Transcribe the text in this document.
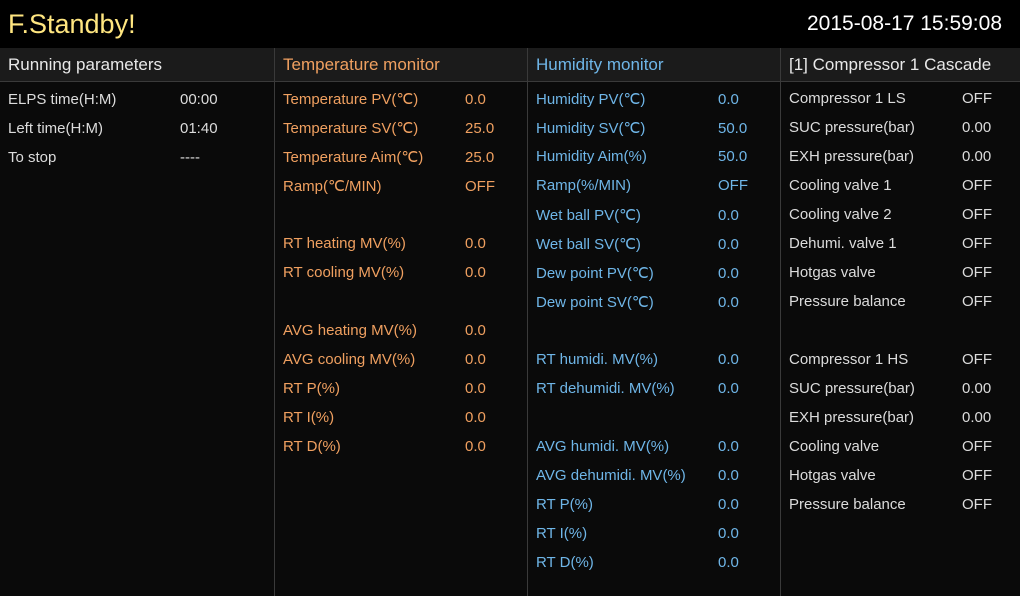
F.Standby!	2015-08-17 15:59:08
Running parameters
ELPS time(H:M)	00:00
Left time(H:M)	01:40
To stop	----
Temperature monitor
Temperature PV(℃)	0.0
Temperature SV(℃)	25.0
Temperature Aim(℃)	25.0
Ramp(℃/MIN)	OFF
RT heating MV(%)	0.0
RT cooling MV(%)	0.0
AVG heating MV(%)	0.0
AVG cooling MV(%)	0.0
RT P(%)	0.0
RT I(%)	0.0
RT D(%)	0.0
Humidity monitor
Humidity PV(℃)	0.0
Humidity SV(℃)	50.0
Humidity Aim(%)	50.0
Ramp(%/MIN)	OFF
Wet ball PV(℃)	0.0
Wet ball SV(℃)	0.0
Dew point PV(℃)	0.0
Dew point SV(℃)	0.0
RT humidi. MV(%)	0.0
RT dehumidi. MV(%)	0.0
AVG humidi. MV(%)	0.0
AVG dehumidi. MV(%)	0.0
RT P(%)	0.0
RT I(%)	0.0
RT D(%)	0.0
[1] Compressor 1 Cascade
Compressor 1 LS	OFF
SUC pressure(bar)	0.00
EXH pressure(bar)	0.00
Cooling valve 1	OFF
Cooling valve 2	OFF
Dehumi. valve 1	OFF
Hotgas valve	OFF
Pressure balance	OFF
Compressor 1 HS	OFF
SUC pressure(bar)	0.00
EXH pressure(bar)	0.00
Cooling valve	OFF
Hotgas valve	OFF
Pressure balance	OFF
